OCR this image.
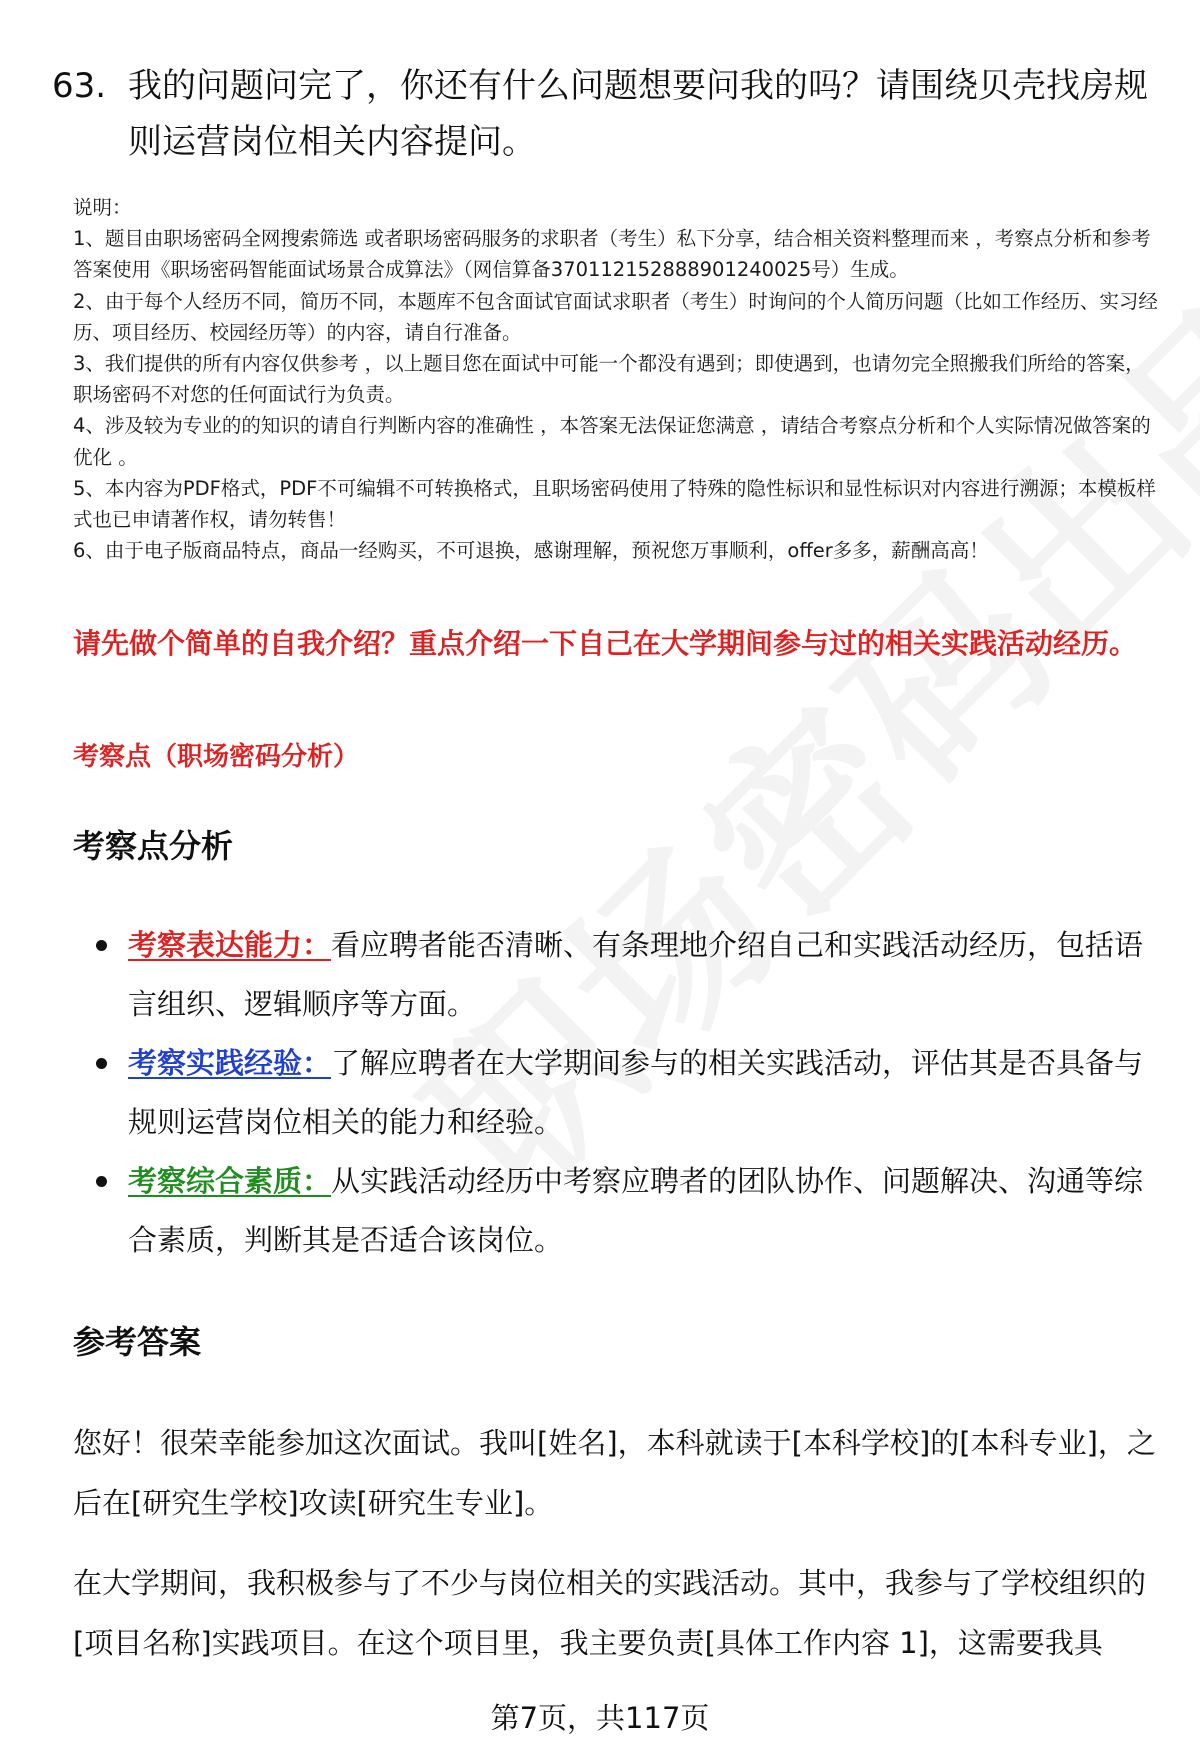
63. 我的问题问完了，你还有什么问题想要问我的吗？请围绕贝壳找房规则运营岗位相关内容提问。

说明：

1、题目由职场密码全网搜索筛选 或者职场密码服务的求职者（考生）私下分享，结合相关资料整理而来 ，考察点分析和参考答案使用《职场密码智能面试场景合成算法》（网信算备370112152888901240025号）生成。

2、由于每个人经历不同，简历不同，本题库不包含面试官面试求职者（考生）时询问的个人简历问题（比如工作经历、实习经历、项目经历、校园经历等）的内容，请自行准备。

3、我们提供的所有内容仅供参考 ，以上题目您在面试中可能一个都没有遇到；即使遇到，也请勿完全照搬我们所给的答案，职场密码不对您的任何面试行为负责。

4、涉及较为专业的的知识的请自行判断内容的准确性 ，本答案无法保证您满意 ，请结合考察点分析和个人实际情况做答案的优化 。

5、本内容为PDF格式，PDF不可编辑不可转换格式，且职场密码使用了特殊的隐性标识和显性标识对内容进行溯源；本模板样式也已申请著作权，请勿转售！

6、由于电子版商品特点，商品一经购买，不可退换，感谢理解，预祝您万事顺利，offer多多，薪酬高高！

请先做个简单的自我介绍？重点介绍一下自己在大学期间参与过的相关实践活动经历。
考察点（职场密码分析）
考察点分析
考察表达能力：看应聘者能否清晰、有条理地介绍自己和实践活动经历，包括语言组织、逻辑顺序等方面。
考察实践经验：了解应聘者在大学期间参与的相关实践活动，评估其是否具备与规则运营岗位相关的能力和经验。
考察综合素质：从实践活动经历中考察应聘者的团队协作、问题解决、沟通等综合素质，判断其是否适合该岗位。
参考答案

您好！很荣幸能参加这次面试。我叫[姓名]，本科就读于[本科学校]的[本科专业]，之后在[研究生学校]攻读[研究生专业]。

在大学期间，我积极参与了不少与岗位相关的实践活动。其中，我参与了学校组织的[项目名称]实践项目。在这个项目里，我主要负责[具体工作内容 1]，这需要我具

第7页，共117页
